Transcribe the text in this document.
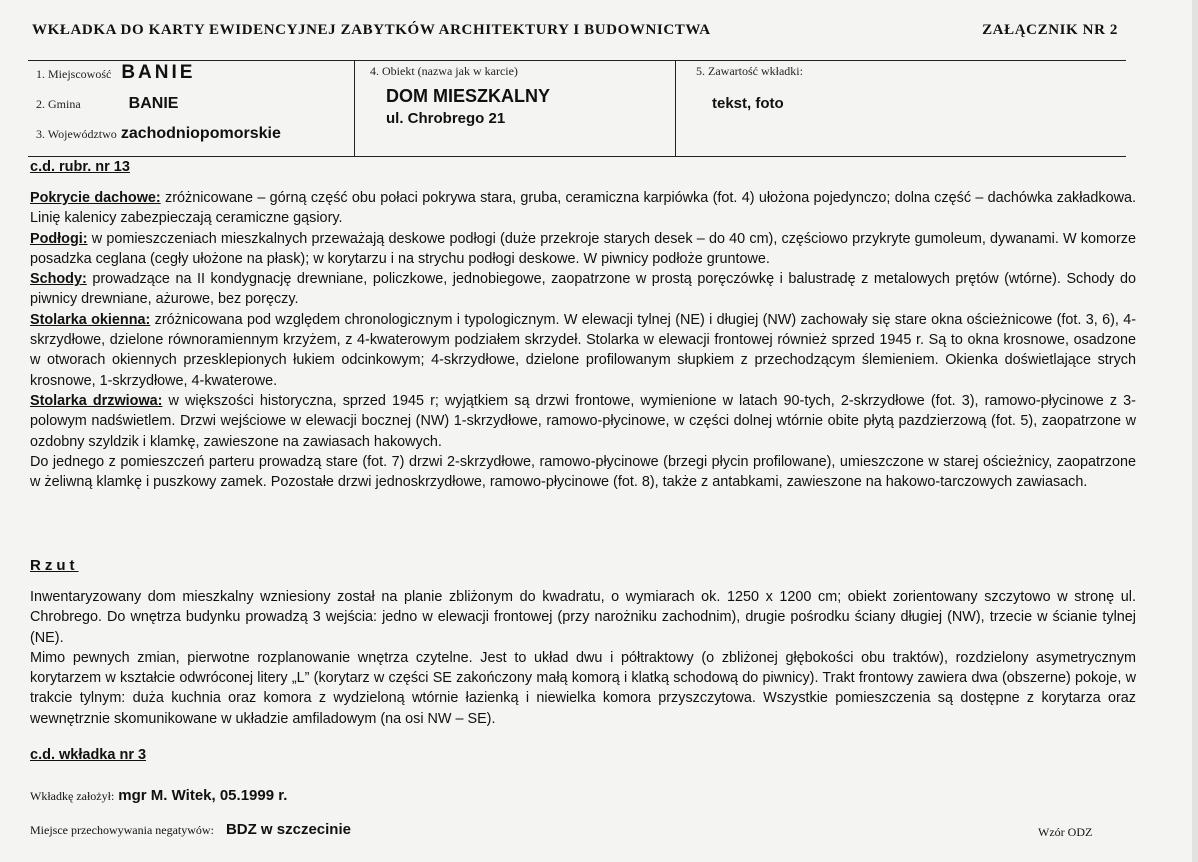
WKŁADKA DO KARTY EWIDENCYJNEJ ZABYTKÓW ARCHITEKTURY I BUDOWNICTWA	ZAŁĄCZNIK NR 2
1. Miejscowość BANIE
2. Gmina	BANIE
3. Województwo zachodniopomorskie
4. Obiekt (nazwa jak w karcie)
DOM MIESZKALNY
ul. Chrobrego 21
5. Zawartość wkładki:
tekst, foto
c.d. rubr. nr 13

Pokrycie dachowe: zróżnicowane – górną część obu połaci pokrywa stara, gruba, ceramiczna karpiówka (fot. 4) ułożona pojedynczo; dolna część – dachówka zakładkowa. Linię kalenicy zabezpieczają ceramiczne gąsiory.

Podłogi: w pomieszczeniach mieszkalnych przeważają deskowe podłogi (duże przekroje starych desek – do 40 cm), częściowo przykryte gumoleum, dywanami. W komorze posadzka ceglana (cegły ułożone na płask); w korytarzu i na strychu podłogi deskowe. W piwnicy podłoże gruntowe.

Schody: prowadzące na II kondygnację drewniane, policzkowe, jednobiegowe, zaopatrzone w prostą poręczówkę i balustradę z metalowych prętów (wtórne). Schody do piwnicy drewniane, ażurowe, bez poręczy.

Stolarka okienna: zróżnicowana pod względem chronologicznym i typologicznym. W elewacji tylnej (NE) i długiej (NW) zachowały się stare okna ościeżnicowe (fot. 3, 6), 4-skrzydłowe, dzielone równoramiennym krzyżem, z 4-kwaterowym podziałem skrzydeł. Stolarka w elewacji frontowej również sprzed 1945 r. Są to okna krosnowe, osadzone w otworach okiennych przesklepionych łukiem odcinkowym; 4-skrzydłowe, dzielone profilowanym słupkiem z przechodzącym ślemieniem. Okienka doświetlające strych krosnowe, 1-skrzydłowe, 4-kwaterowe.

Stolarka drzwiowa: w większości historyczna, sprzed 1945 r; wyjątkiem są drzwi frontowe, wymienione w latach 90-tych, 2-skrzydłowe (fot. 3), ramowo-płycinowe z 3-polowym nadświetlem. Drzwi wejściowe w elewacji bocznej (NW) 1-skrzydłowe, ramowo-płycinowe, w części dolnej wtórnie obite płytą pazdzierzową (fot. 5), zaopatrzone w ozdobny szyldzik i klamkę, zawieszone na zawiasach hakowych.

Do jednego z pomieszczeń parteru prowadzą stare (fot. 7) drzwi 2-skrzydłowe, ramowo-płycinowe (brzegi płycin profilowane), umieszczone w starej ościeżnicy, zaopatrzone w żeliwną klamkę i puszkowy zamek. Pozostałe drzwi jednoskrzydłowe, ramowo-płycinowe (fot. 8), także z antabkami, zawieszone na hakowo-tarczowych zawiasach.

Rzut

Inwentaryzowany dom mieszkalny wzniesiony został na planie zbliżonym do kwadratu, o wymiarach ok. 1250 x 1200 cm; obiekt zorientowany szczytowo w stronę ul. Chrobrego. Do wnętrza budynku prowadzą 3 wejścia: jedno w elewacji frontowej (przy narożniku zachodnim), drugie pośrodku ściany długiej (NW), trzecie w ścianie tylnej (NE).

Mimo pewnych zmian, pierwotne rozplanowanie wnętrza czytelne. Jest to układ dwu i półtraktowy (o zbliżonej głębokości obu traktów), rozdzielony asymetrycznym korytarzem w kształcie odwróconej litery „L” (korytarz w części SE zakończony małą komorą i klatką schodową do piwnicy). Trakt frontowy zawiera dwa (obszerne) pokoje, w trakcie tylnym: duża kuchnia oraz komora z wydzieloną wtórnie łazienką i niewielka komora przyszczytowa. Wszystkie pomieszczenia są dostępne z korytarza oraz wewnętrznie skomunikowane w układzie amfiladowym (na osi NW – SE).

c.d. wkładka nr 3
Wkładkę założył: mgr M. Witek, 05.1999 r.
Miejsce przechowywania negatywów: BDZ w szczecinie	Wzór ODZ
